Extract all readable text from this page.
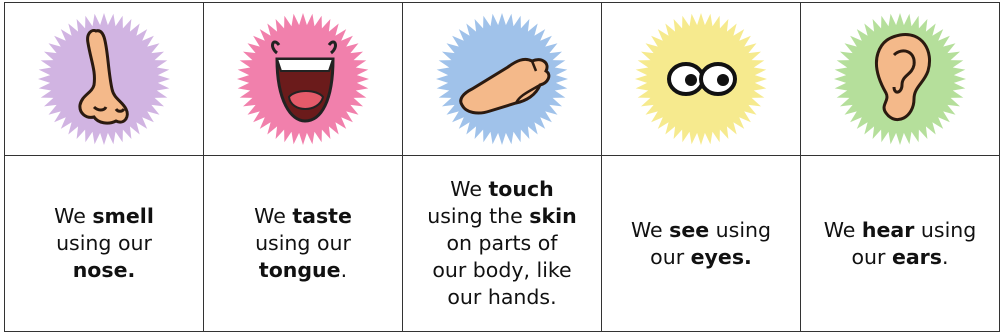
We smell
using our
nose.	We taste
using our
tongue.	We touch
using the skin
on parts of
our body, like
our hands.	We see using
our eyes.	We hear using
our ears.
